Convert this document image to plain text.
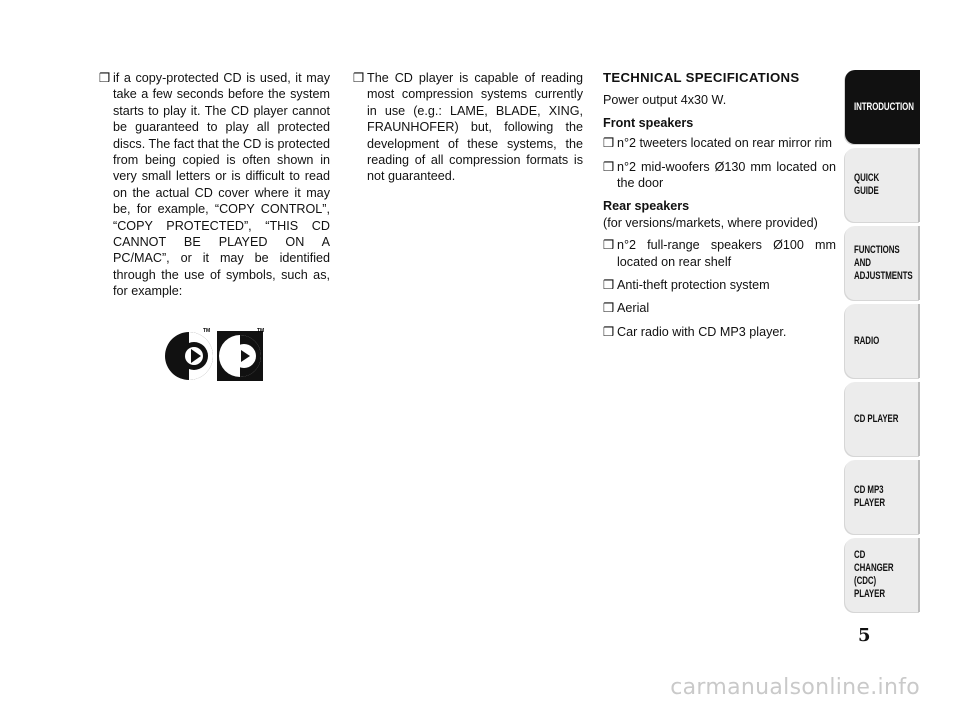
❒ if a copy-protected CD is used, it may take a few seconds before the system starts to play it. The CD player cannot be guaranteed to play all protected discs. The fact that the CD is protected from being copied is often shown in very small letters or is difficult to read on the actual CD cover where it may be, for example, “COPY CONTROL”, “COPY PROTECTED”, “THIS CD CANNOT BE PLAYED ON A PC/MAC”, or it may be identified through the use of symbols, such as, for example:
TM	TM
❒ The CD player is capable of reading most compression systems currently in use (e.g.: LAME, BLADE, XING, FRAUNHOFER) but, following the development of these systems, the reading of all compression formats is not guaranteed.
TECHNICAL SPECIFICATIONS
Power output 4x30 W.
Front speakers
❒ n°2 tweeters located on rear mirror rim
❒ n°2 mid-woofers Ø130 mm located on the door
Rear speakers
(for versions/markets, where provided)
❒ n°2 full-range speakers Ø100 mm located on rear shelf
❒ Anti-theft protection system
❒ Aerial
❒ Car radio with CD MP3 player.
INTRODUCTION
QUICK
GUIDE
FUNCTIONS
AND
ADJUSTMENTS
RADIO
CD PLAYER
CD MP3
PLAYER
CD CHANGER
(CDC) PLAYER
5
carmanualsonline.info
